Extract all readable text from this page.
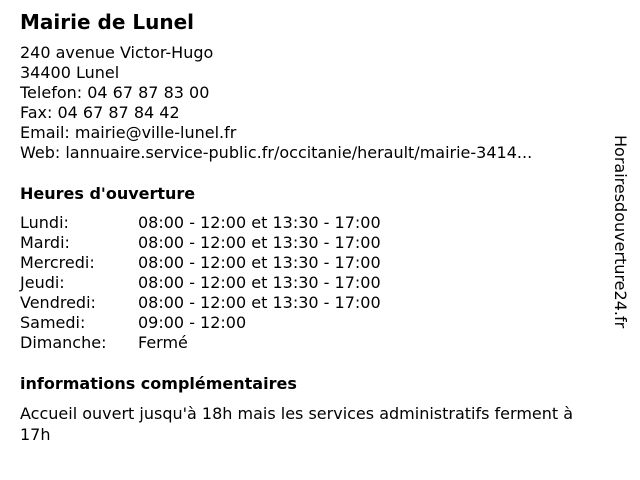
Mairie de Lunel
240 avenue Victor-Hugo
34400 Lunel
Telefon: 04 67 87 83 00
Fax: 04 67 87 84 42
Email: mairie@ville-lunel.fr
Web: lannuaire.service-public.fr/occitanie/herault/mairie-3414...
Heures d'ouverture
Lundi:	08:00 - 12:00 et 13:30 - 17:00
Mardi:	08:00 - 12:00 et 13:30 - 17:00
Mercredi:	08:00 - 12:00 et 13:30 - 17:00
Jeudi:	08:00 - 12:00 et 13:30 - 17:00
Vendredi:	08:00 - 12:00 et 13:30 - 17:00
Samedi:	09:00 - 12:00
Dimanche:	Fermé
informations complémentaires
Accueil ouvert jusqu'à 18h mais les services administratifs ferment à 17h
Horairesdouverture24.fr
